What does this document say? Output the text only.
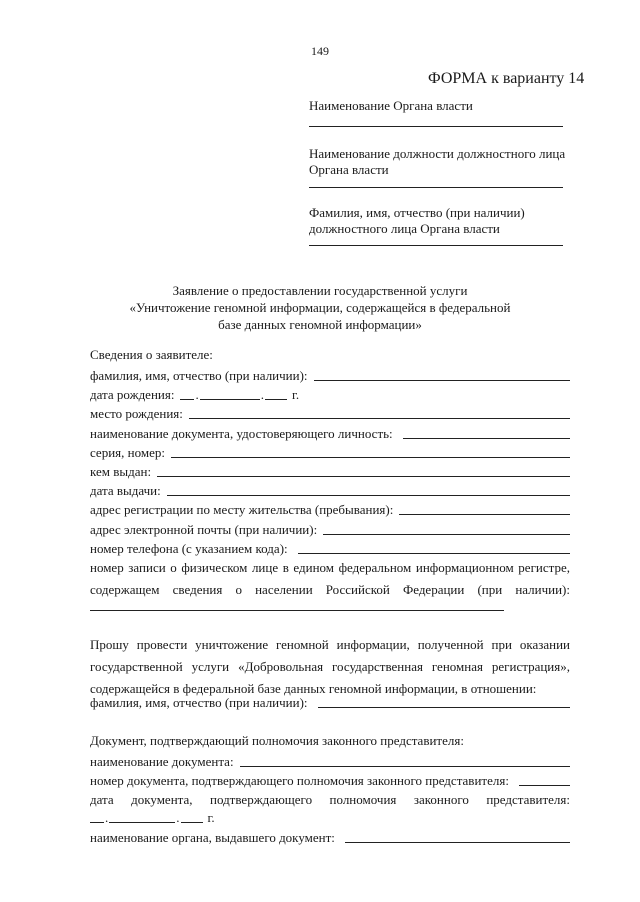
149
ФОРМА к варианту 14
Наименование Органа власти
Наименование должности должностного лица Органа власти
Фамилия, имя, отчество (при наличии) должностного лица Органа власти
Заявление о предоставлении государственной услуги
«Уничтожение геномной информации, содержащейся в федеральной
базе данных геномной информации»
Сведения о заявителе:
фамилия, имя, отчество (при наличии):
дата рождения: .	. г.
место рождения:
наименование документа, удостоверяющего личность:
серия, номер:
кем выдан:
дата выдачи:
адрес регистрации по месту жительства (пребывания):
адрес электронной почты (при наличии):
номер телефона (с указанием кода):
номер записи о физическом лице в едином федеральном информационном регистре,
содержащем сведения о населении Российской Федерации (при наличии):
Прошу провести уничтожение геномной информации, полученной при оказании
государственной услуги «Добровольная государственная геномная регистрация»,
содержащейся в федеральной базе данных геномной информации, в отношении:
фамилия, имя, отчество (при наличии):
Документ, подтверждающий полномочия законного представителя:
наименование документа:
номер документа, подтверждающего полномочия законного представителя:
дата документа, подтверждающего полномочия законного представителя:
.	. г.
наименование органа, выдавшего документ:
